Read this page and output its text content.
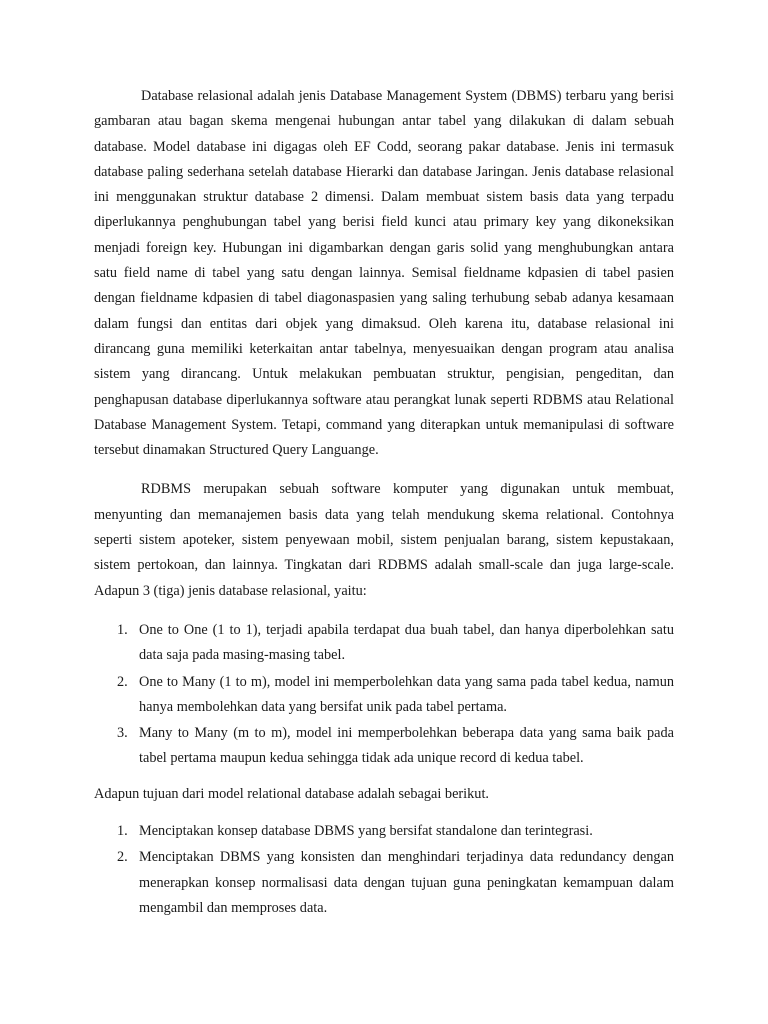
Database relasional adalah jenis Database Management System (DBMS) terbaru yang berisi gambaran atau bagan skema mengenai hubungan antar tabel yang dilakukan di dalam sebuah database. Model database ini digagas oleh EF Codd, seorang pakar database. Jenis ini termasuk database paling sederhana setelah database Hierarki dan database Jaringan. Jenis database relasional ini menggunakan struktur database 2 dimensi. Dalam membuat sistem basis data yang terpadu diperlukannya penghubungan tabel yang berisi field kunci atau primary key yang dikoneksikan menjadi foreign key. Hubungan ini digambarkan dengan garis solid yang menghubungkan antara satu field name di tabel yang satu dengan lainnya. Semisal fieldname kdpasien di tabel pasien dengan fieldname kdpasien di tabel diagonaspasien yang saling terhubung sebab adanya kesamaan dalam fungsi dan entitas dari objek yang dimaksud. Oleh karena itu, database relasional ini dirancang guna memiliki keterkaitan antar tabelnya, menyesuaikan dengan program atau analisa sistem yang dirancang. Untuk melakukan pembuatan struktur, pengisian, pengeditan, dan penghapusan database diperlukannya software atau perangkat lunak seperti RDBMS atau Relational Database Management System. Tetapi, command yang diterapkan untuk memanipulasi di software tersebut dinamakan Structured Query Languange.

RDBMS merupakan sebuah software komputer yang digunakan untuk membuat, menyunting dan memanajemen basis data yang telah mendukung skema relational. Contohnya seperti sistem apoteker, sistem penyewaan mobil, sistem penjualan barang, sistem kepustakaan, sistem pertokoan, dan lainnya. Tingkatan dari RDBMS adalah small-scale dan juga large-scale. Adapun 3 (tiga) jenis database relasional, yaitu:

1. One to One (1 to 1), terjadi apabila terdapat dua buah tabel, dan hanya diperbolehkan satu data saja pada masing-masing tabel.
2. One to Many (1 to m), model ini memperbolehkan data yang sama pada tabel kedua, namun hanya membolehkan data yang bersifat unik pada tabel pertama.
3. Many to Many (m to m), model ini memperbolehkan beberapa data yang sama baik pada tabel pertama maupun kedua sehingga tidak ada unique record di kedua tabel.

Adapun tujuan dari model relational database adalah sebagai berikut.

1. Menciptakan konsep database DBMS yang bersifat standalone dan terintegrasi.
2. Menciptakan DBMS yang konsisten dan menghindari terjadinya data redundancy dengan menerapkan konsep normalisasi data dengan tujuan guna peningkatan kemampuan dalam mengambil dan memproses data.
